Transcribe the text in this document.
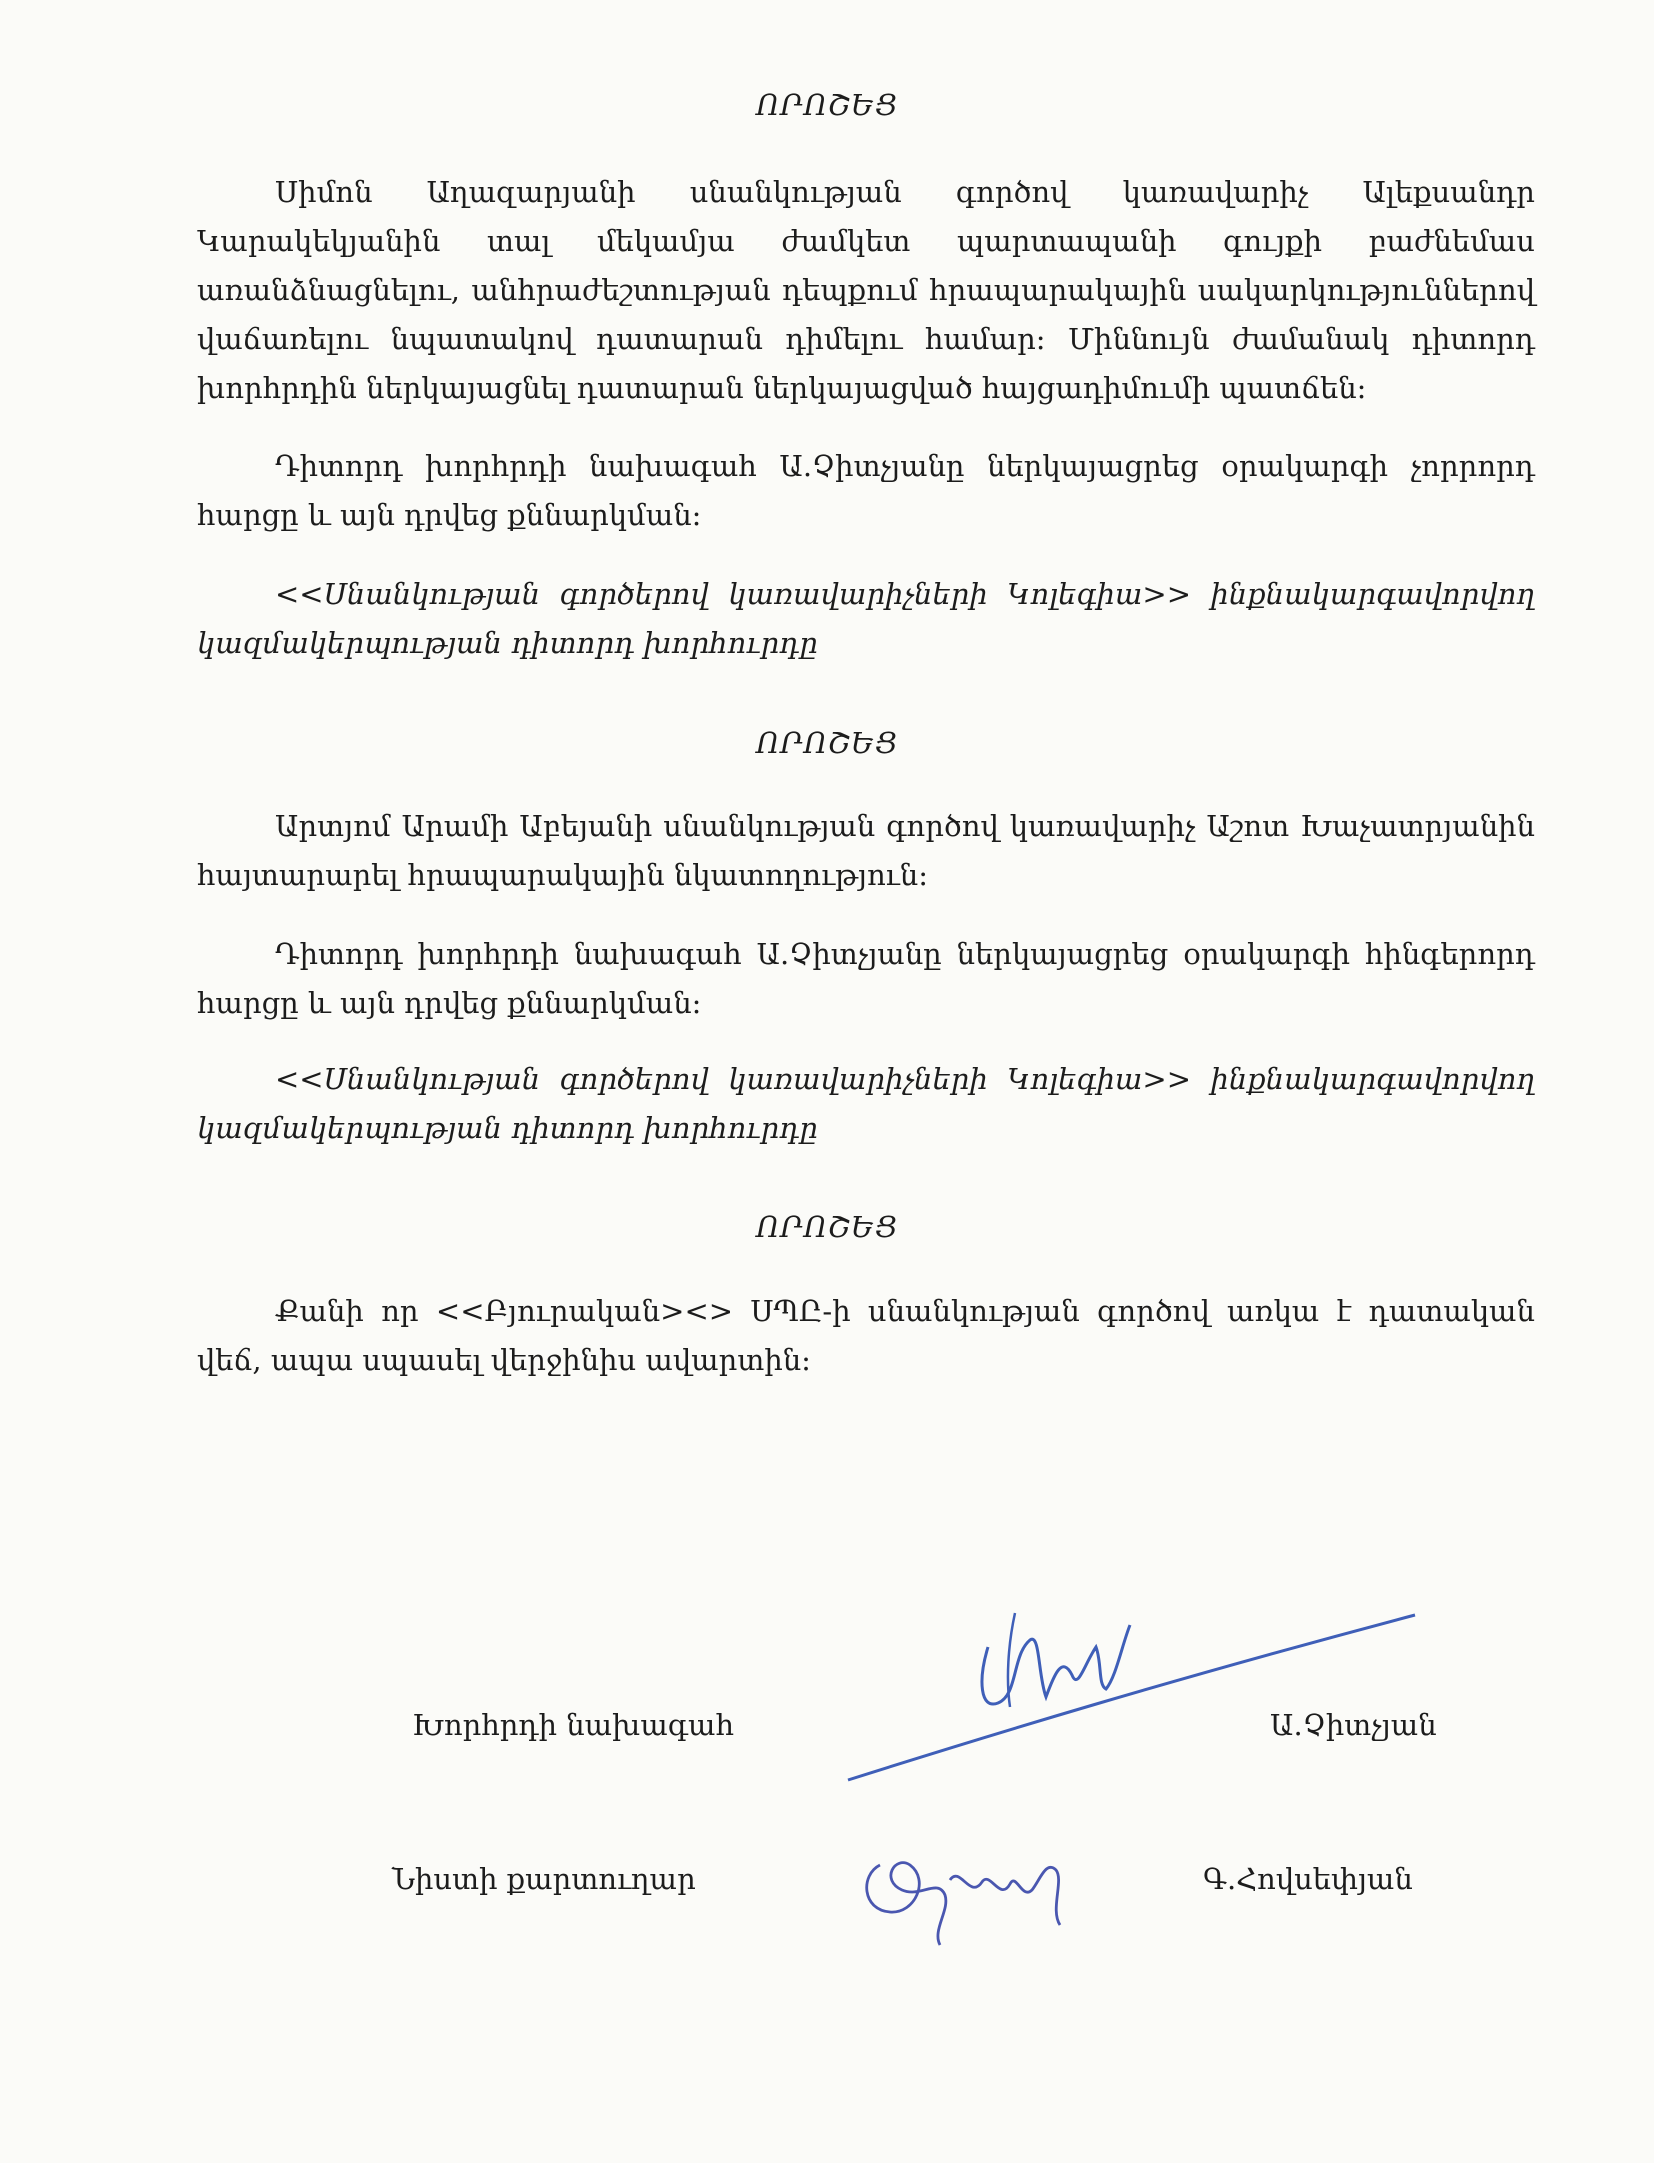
ՈՐՈՇԵՑ
Սիմոն Աղազարյանի սնանկության գործով կառավարիչ Ալեքսանդր Կարակեկյանին տալ մեկամյա ժամկետ պարտապանի գույքի բաժնեմաս առանձնացնելու, անհրաժեշտության դեպքում հրապարակային սակարկություններով վաճառելու նպատակով դատարան դիմելու համար: Միննույն ժամանակ դիտորդ խորհրդին ներկայացնել դատարան ներկայացված հայցադիմումի պատճեն:
Դիտորդ խորհրդի նախագահ Ա.Չիտչյանը ներկայացրեց օրակարգի չորրորդ հարցը և այն դրվեց քննարկման:
<<Սնանկության գործերով կառավարիչների Կոլեգիա>> ինքնակարգավորվող կազմակերպության դիտորդ խորհուրդը
ՈՐՈՇԵՑ
Արտյոմ Արամի Աբեյանի սնանկության գործով կառավարիչ Աշոտ Խաչատրյանին հայտարարել հրապարակային նկատողություն:
Դիտորդ խորհրդի նախագահ Ա.Չիտչյանը ներկայացրեց օրակարգի հինգերորդ հարցը և այն դրվեց քննարկման:
<<Սնանկության գործերով կառավարիչների Կոլեգիա>> ինքնակարգավորվող կազմակերպության դիտորդ խորհուրդը
ՈՐՈՇԵՑ
Քանի որ <<Բյուրական><> ՍՊԸ-ի սնանկության գործով առկա է դատական վեճ, ապա սպասել վերջինիս ավարտին:
Խորհրդի նախագահ	Ա.Չիտչյան
Նիստի քարտուղար	Գ.Հովսեփյան
